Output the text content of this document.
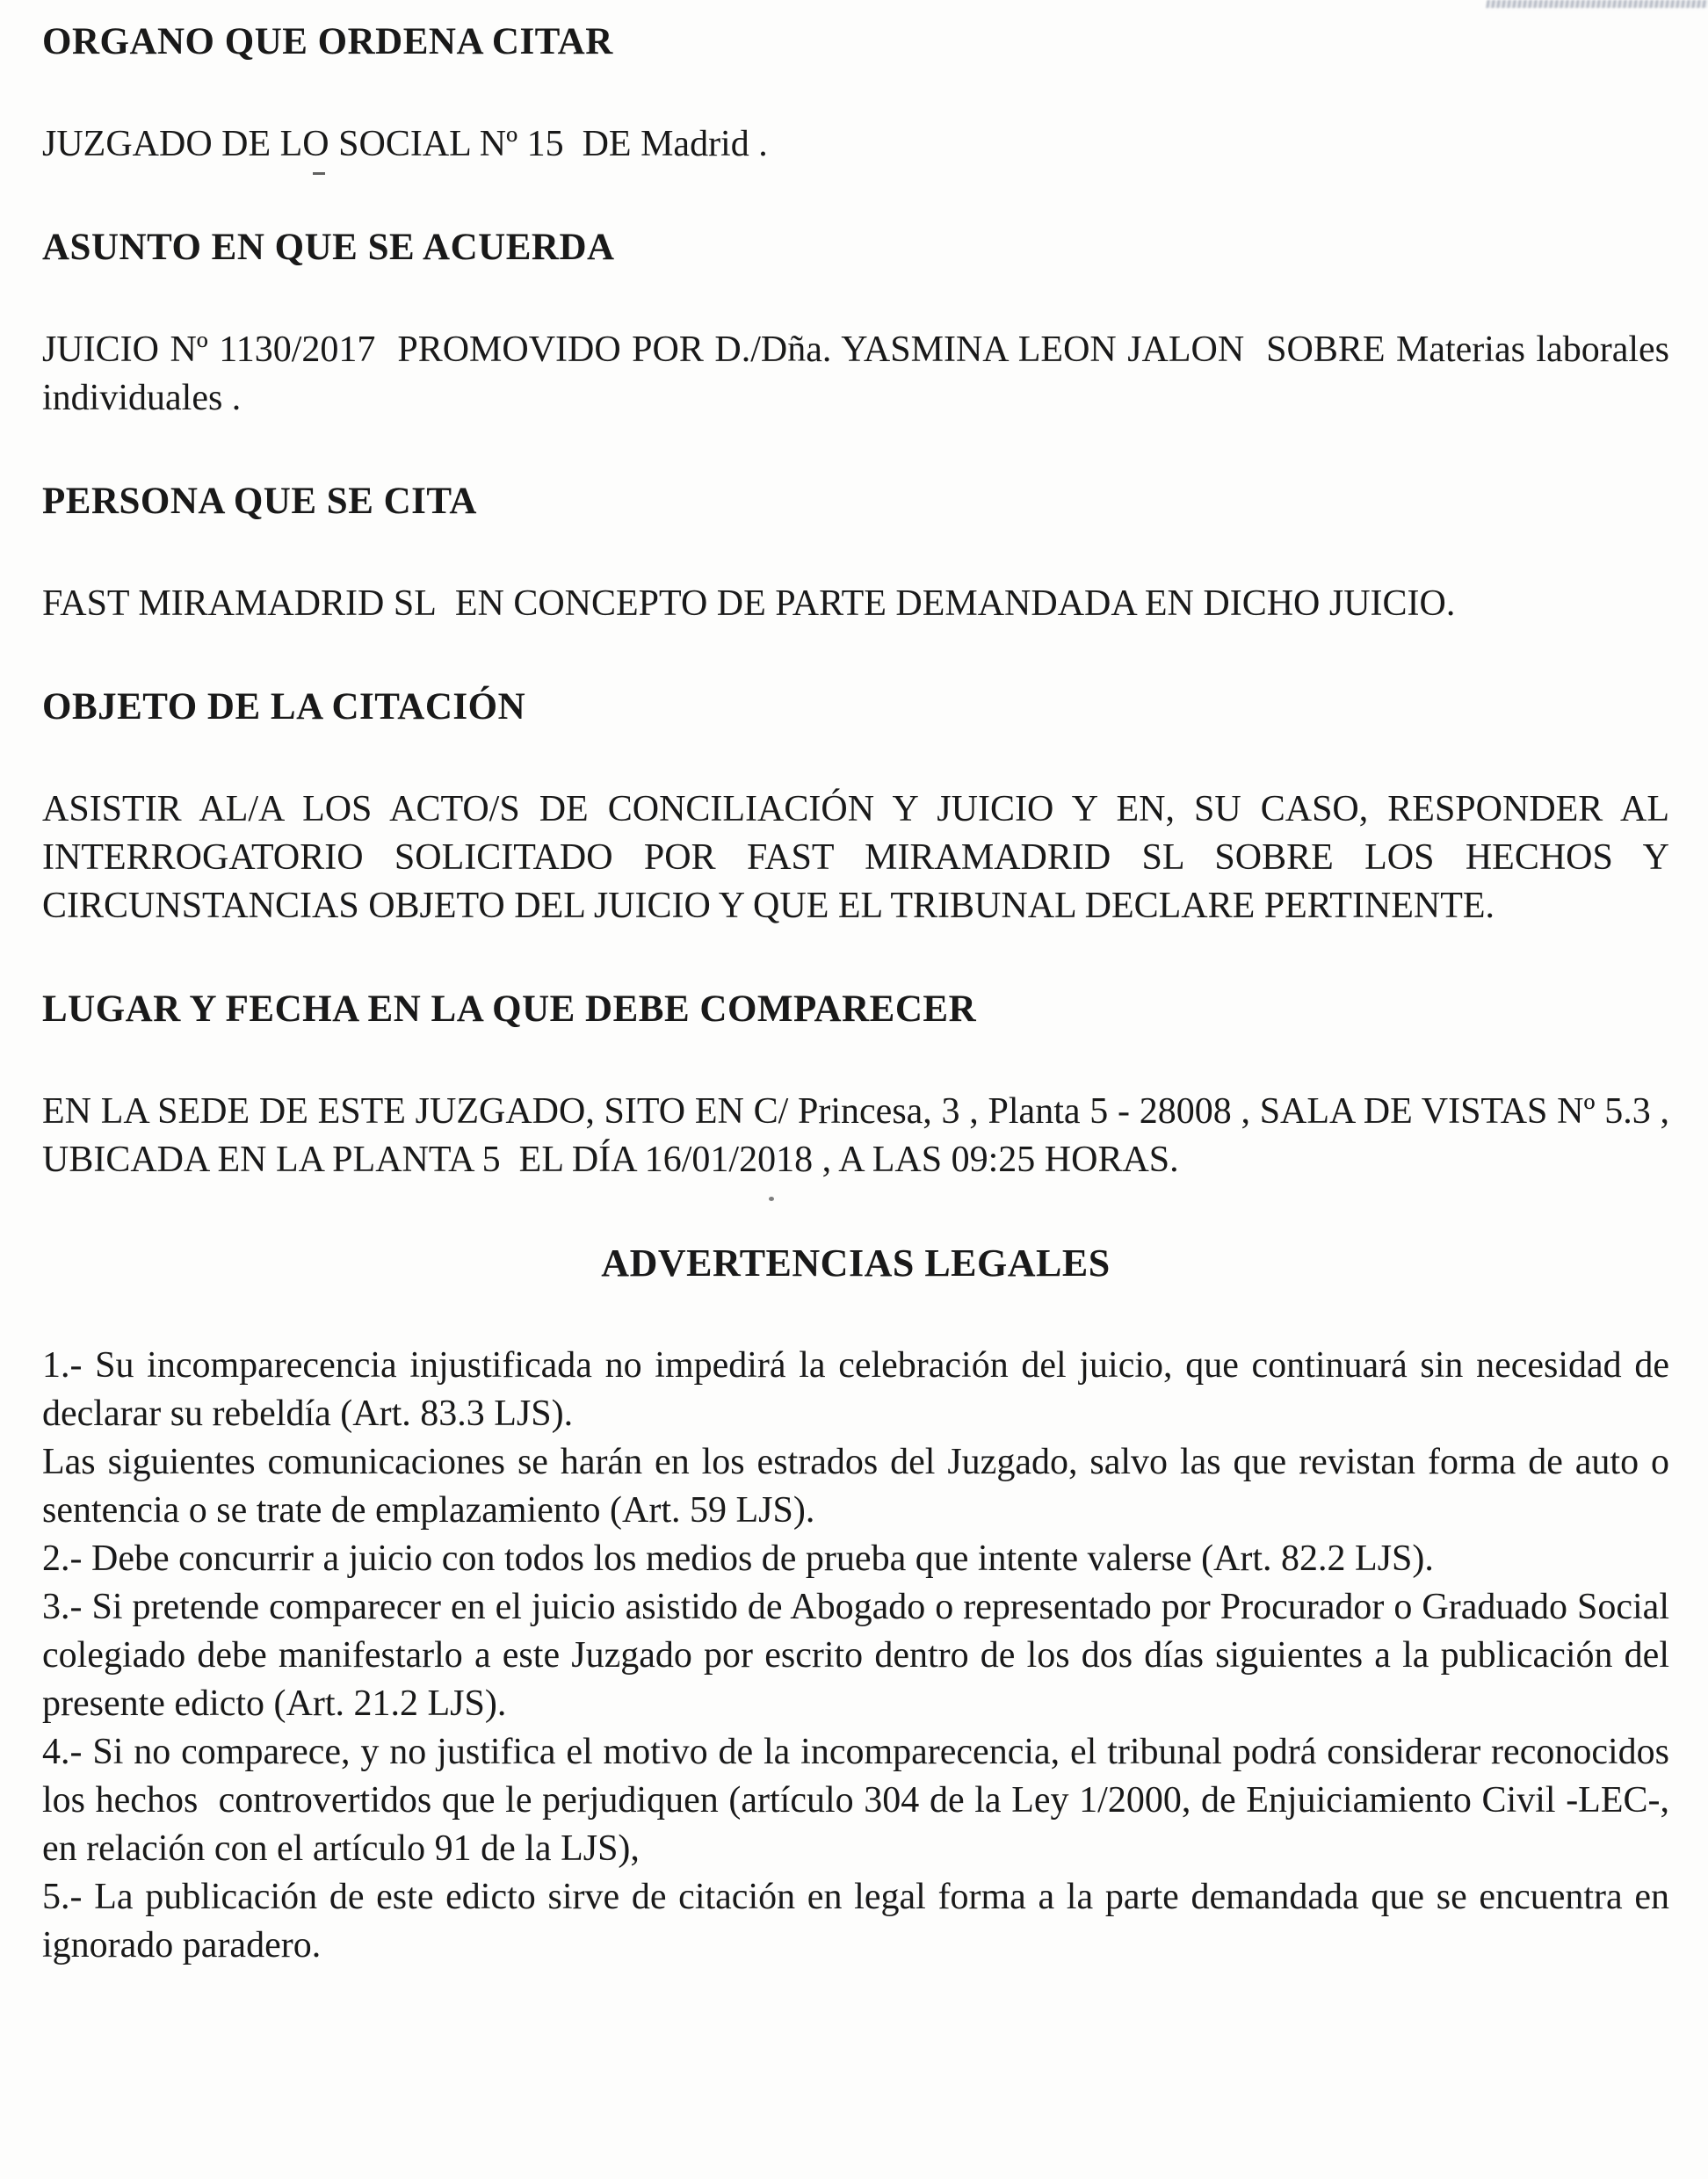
ORGANO QUE ORDENA CITAR

JUZGADO DE LO SOCIAL Nº 15  DE Madrid .

ASUNTO EN QUE SE ACUERDA

JUICIO Nº 1130/2017  PROMOVIDO POR D./Dña. YASMINA LEON JALON  SOBRE Materias laborales individuales .

PERSONA QUE SE CITA

FAST MIRAMADRID SL  EN CONCEPTO DE PARTE DEMANDADA EN DICHO JUICIO.

OBJETO DE LA CITACIÓN

ASISTIR AL/A LOS ACTO/S DE CONCILIACIÓN Y JUICIO Y EN, SU CASO, RESPONDER AL INTERROGATORIO SOLICITADO POR FAST MIRAMADRID SL SOBRE LOS HECHOS Y CIRCUNSTANCIAS OBJETO DEL JUICIO Y QUE EL TRIBUNAL DECLARE PERTINENTE.

LUGAR Y FECHA EN LA QUE DEBE COMPARECER

EN LA SEDE DE ESTE JUZGADO, SITO EN C/ Princesa, 3 , Planta 5 - 28008 , SALA DE VISTAS Nº 5.3 , UBICADA EN LA PLANTA 5  EL DÍA 16/01/2018 , A LAS 09:25 HORAS.

ADVERTENCIAS LEGALES

1.- Su incomparecencia injustificada no impedirá la celebración del juicio, que continuará sin necesidad de declarar su rebeldía (Art. 83.3 LJS).

Las siguientes comunicaciones se harán en los estrados del Juzgado, salvo las que revistan forma de auto o sentencia o se trate de emplazamiento (Art. 59 LJS).

2.- Debe concurrir a juicio con todos los medios de prueba que intente valerse (Art. 82.2 LJS).

3.- Si pretende comparecer en el juicio asistido de Abogado o representado por Procurador o Graduado Social colegiado debe manifestarlo a este Juzgado por escrito dentro de los dos días siguientes a la publicación del presente edicto (Art. 21.2 LJS).

4.- Si no comparece, y no justifica el motivo de la incomparecencia, el tribunal podrá considerar reconocidos los hechos  controvertidos que le perjudiquen (artículo 304 de la Ley 1/2000, de Enjuiciamiento Civil -LEC-, en relación con el artículo 91 de la LJS),

5.- La publicación de este edicto sirve de citación en legal forma a la parte demandada que se encuentra en ignorado paradero.
